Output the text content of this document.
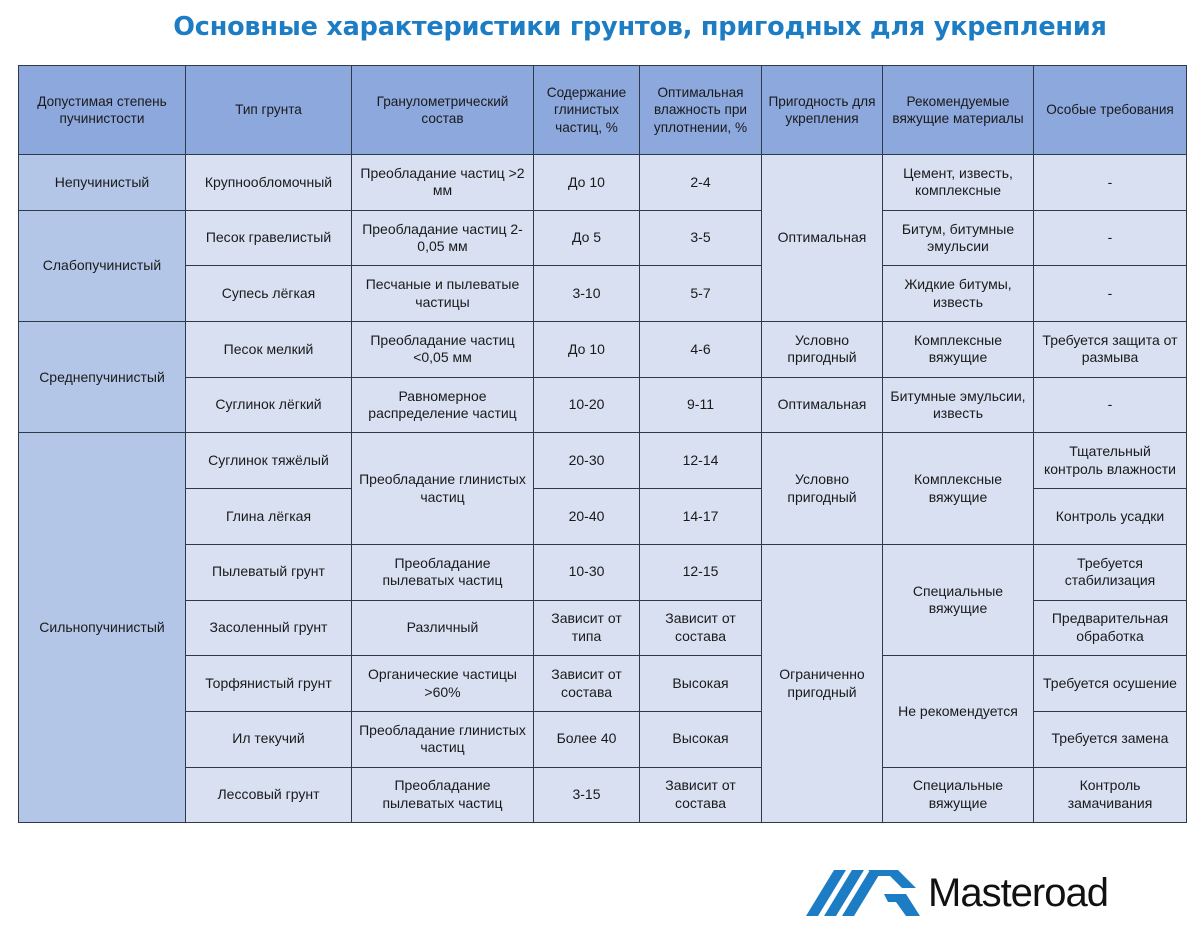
Основные характеристики грунтов, пригодных для укрепления
Допустимая степень пучинистости	Тип грунта	Гранулометрический состав	Содержание глинистых частиц, %	Оптимальная влажность при уплотнении, %	Пригодность для укрепления	Рекомендуемые вяжущие материалы	Особые требования
Непучинистый	Крупнообломочный	Преобладание частиц >2 мм	До 10	2-4	Оптимальная	Цемент, известь, комплексные	-
Слабопучинистый	Песок гравелистый	Преобладание частиц 2-0,05 мм	До 5	3-5		Битум, битумные эмульсии	-
	Супесь лёгкая	Песчаные и пылеватые частицы	3-10	5-7		Жидкие битумы, известь	-
Среднепучинистый	Песок мелкий	Преобладание частиц <0,05 мм	До 10	4-6	Условно пригодный	Комплексные вяжущие	Требуется защита от размыва
	Суглинок лёгкий	Равномерное распределение частиц	10-20	9-11	Оптимальная	Битумные эмульсии, известь	-
Сильнопучинистый	Суглинок тяжёлый	Преобладание глинистых частиц	20-30	12-14	Условно пригодный	Комплексные вяжущие	Тщательный контроль влажности
	Глина лёгкая		20-40	14-17			Контроль усадки
	Пылеватый грунт	Преобладание пылеватых частиц	10-30	12-15	Ограниченно пригодный	Специальные вяжущие	Требуется стабилизация
	Засоленный грунт	Различный	Зависит от типа	Зависит от состава			Предварительная обработка
	Торфянистый грунт	Органические частицы >60%	Зависит от состава	Высокая		Не рекомендуется	Требуется осушение
	Ил текучий	Преобладание глинистых частиц	Более 40	Высокая			Требуется замена
	Лессовый грунт	Преобладание пылеватых частиц	3-15	Зависит от состава		Специальные вяжущие	Контроль замачивания
Masteroad
